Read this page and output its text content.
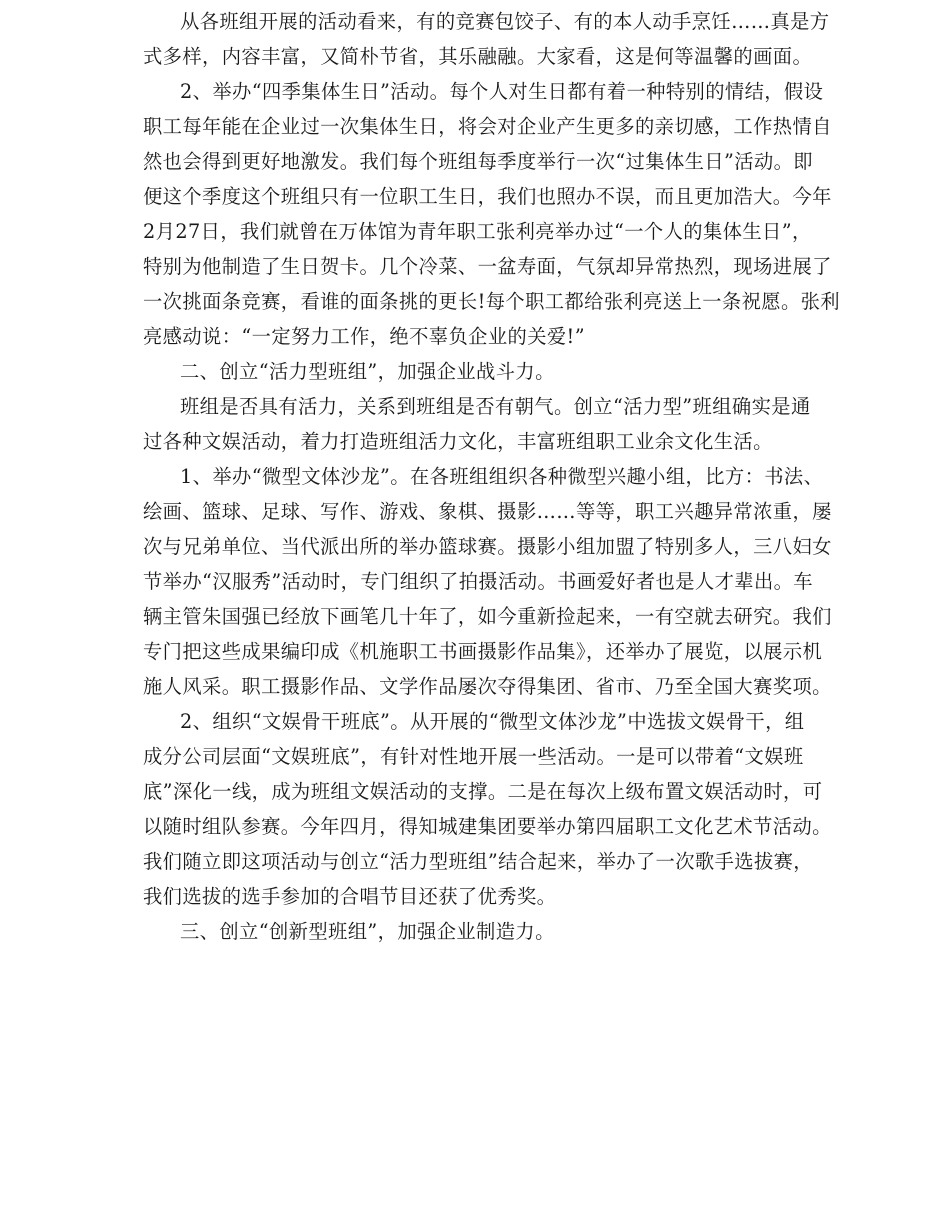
从各班组开展的活动看来，有的竞赛包饺子、有的本人动手烹饪……真是方
式多样，内容丰富，又简朴节省，其乐融融。大家看，这是何等温馨的画面。
2、举办“四季集体生日”活动。每个人对生日都有着一种特别的情结，假设
职工每年能在企业过一次集体生日，将会对企业产生更多的亲切感，工作热情自
然也会得到更好地激发。我们每个班组每季度举行一次“过集体生日”活动。即
便这个季度这个班组只有一位职工生日，我们也照办不误，而且更加浩大。今年
2月27日，我们就曾在万体馆为青年职工张利亮举办过“一个人的集体生日”，
特别为他制造了生日贺卡。几个冷菜、一盆寿面，气氛却异常热烈，现场进展了
一次挑面条竞赛，看谁的面条挑的更长!每个职工都给张利亮送上一条祝愿。张利
亮感动说：“一定努力工作，绝不辜负企业的关爱!”
二、创立“活力型班组”，加强企业战斗力。
班组是否具有活力，关系到班组是否有朝气。创立“活力型”班组确实是通
过各种文娱活动，着力打造班组活力文化，丰富班组职工业余文化生活。
1、举办“微型文体沙龙”。在各班组组织各种微型兴趣小组，比方：书法、
绘画、篮球、足球、写作、游戏、象棋、摄影……等等，职工兴趣异常浓重，屡
次与兄弟单位、当代派出所的举办篮球赛。摄影小组加盟了特别多人，三八妇女
节举办“汉服秀”活动时，专门组织了拍摄活动。书画爱好者也是人才辈出。车
辆主管朱国强已经放下画笔几十年了，如今重新捡起来，一有空就去研究。我们
专门把这些成果编印成《机施职工书画摄影作品集》，还举办了展览，以展示机
施人风采。职工摄影作品、文学作品屡次夺得集团、省市、乃至全国大赛奖项。
2、组织“文娱骨干班底”。从开展的“微型文体沙龙”中选拔文娱骨干，组
成分公司层面“文娱班底”，有针对性地开展一些活动。一是可以带着“文娱班
底”深化一线，成为班组文娱活动的支撑。二是在每次上级布置文娱活动时，可
以随时组队参赛。今年四月，得知城建集团要举办第四届职工文化艺术节活动。
我们随立即这项活动与创立“活力型班组”结合起来，举办了一次歌手选拔赛，
我们选拔的选手参加的合唱节目还获了优秀奖。
三、创立“创新型班组”，加强企业制造力。
